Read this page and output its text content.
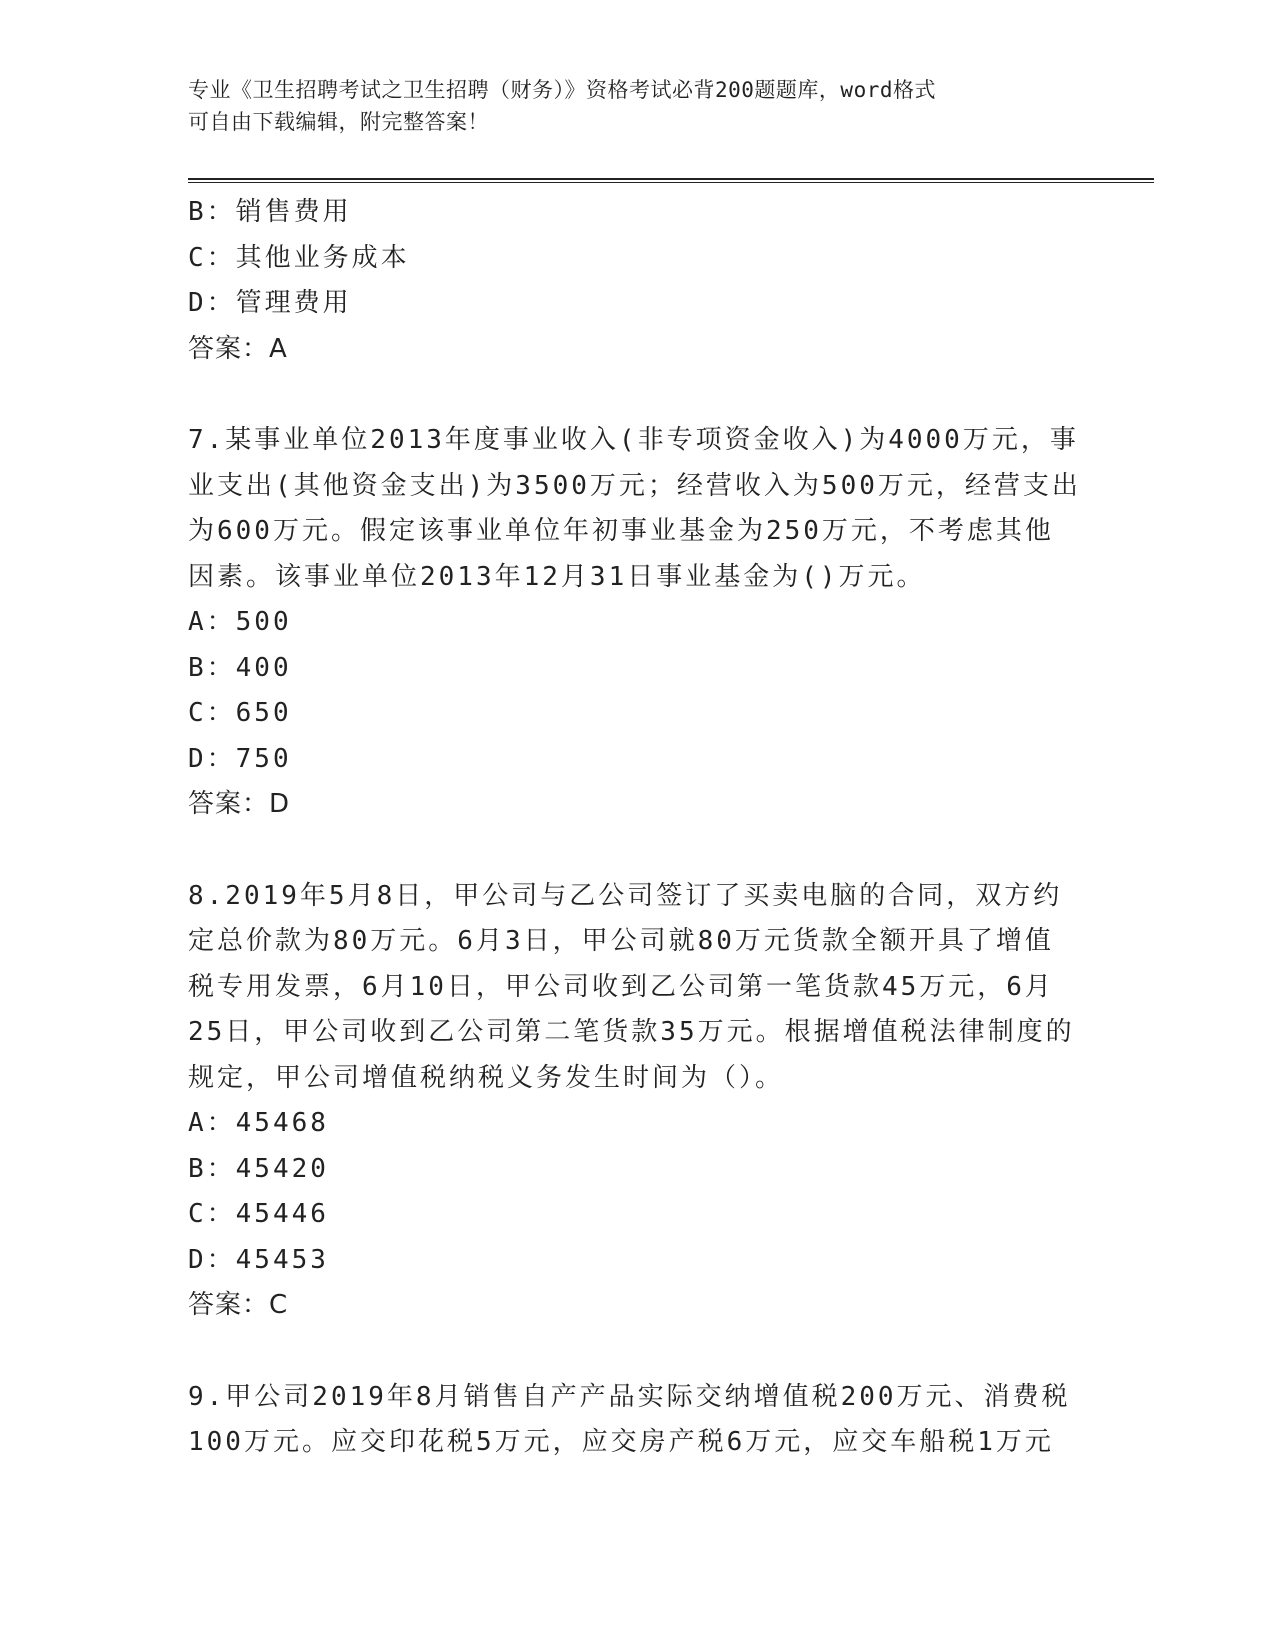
专业《卫生招聘考试之卫生招聘（财务）》资格考试必背200题题库，word格式
可自由下载编辑，附完整答案！
B：销售费用
C：其他业务成本
D：管理费用
答案：A
7.某事业单位2013年度事业收入(非专项资金收入)为4000万元，事
业支出(其他资金支出)为3500万元；经营收入为500万元，经营支出
为600万元。假定该事业单位年初事业基金为250万元，不考虑其他
因素。该事业单位2013年12月31日事业基金为()万元。
A：500
B：400
C：650
D：750
答案：D
8.2019年5月8日，甲公司与乙公司签订了买卖电脑的合同，双方约
定总价款为80万元。6月3日，甲公司就80万元货款全额开具了增值
税专用发票，6月10日，甲公司收到乙公司第一笔货款45万元，6月
25日，甲公司收到乙公司第二笔货款35万元。根据增值税法律制度的
规定，甲公司增值税纳税义务发生时间为（）。
A：45468
B：45420
C：45446
D：45453
答案：C
9.甲公司2019年8月销售自产产品实际交纳增值税200万元、消费税
100万元。应交印花税5万元，应交房产税6万元，应交车船税1万元
